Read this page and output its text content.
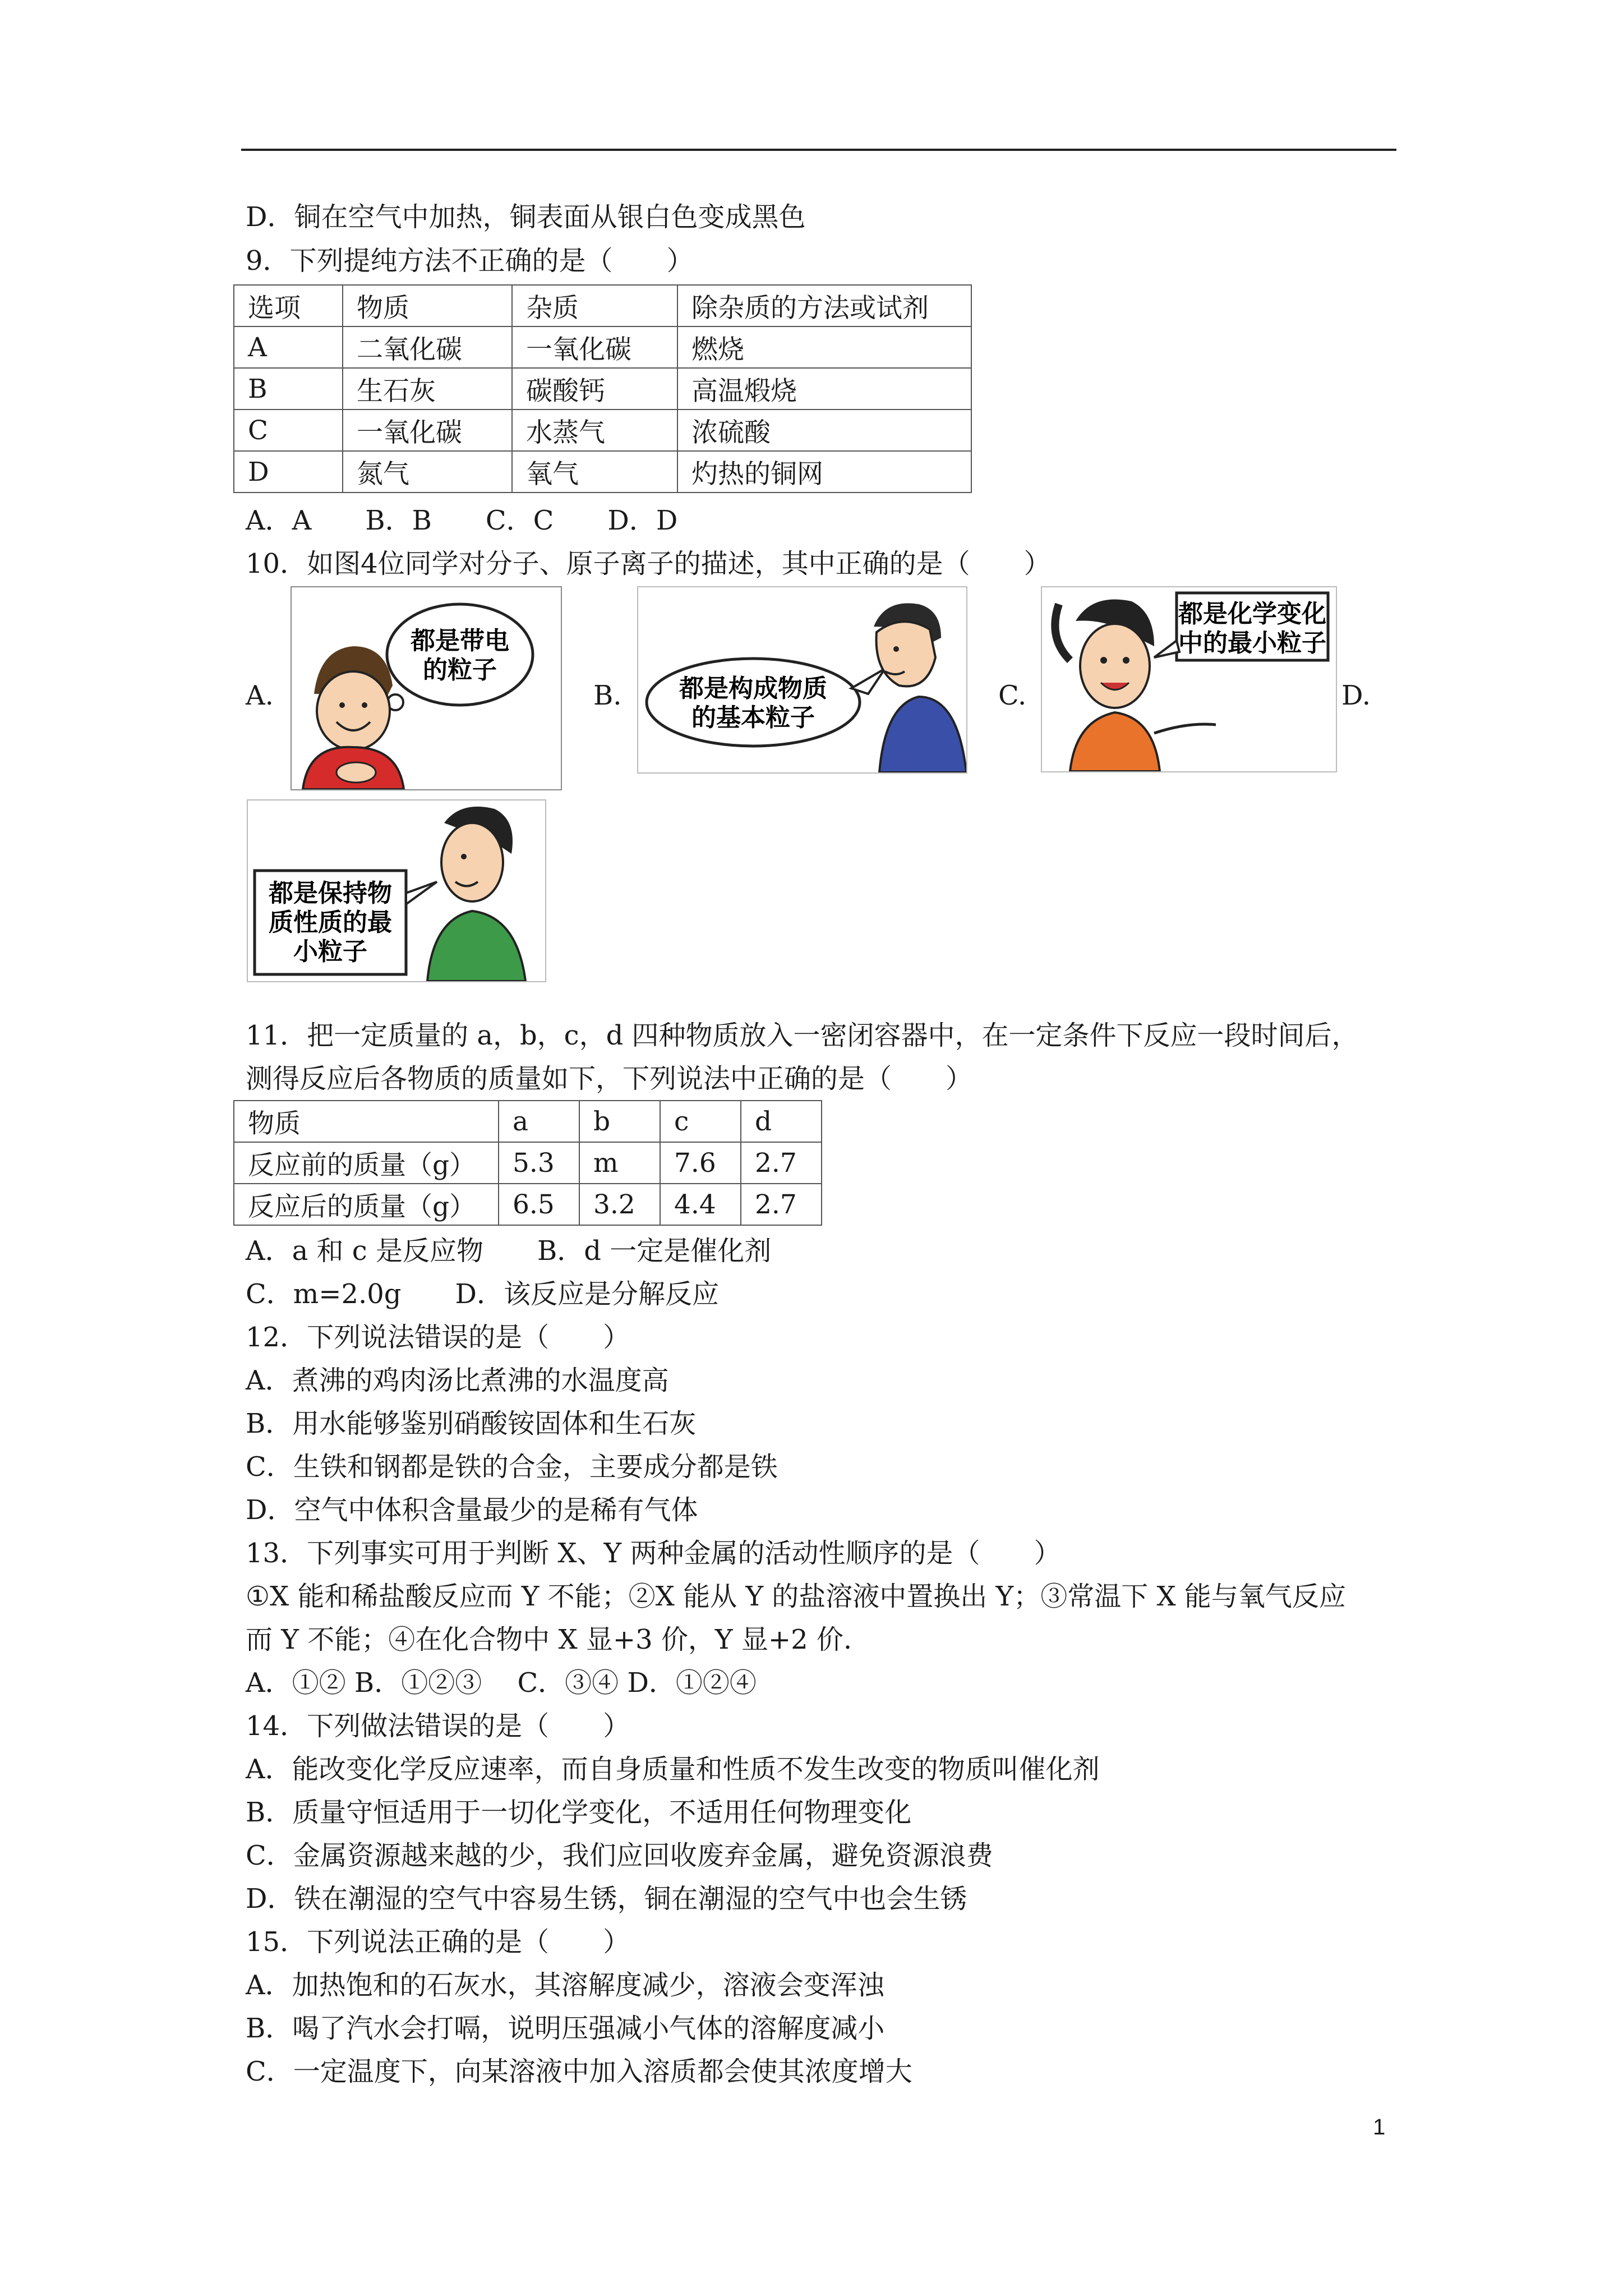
D．铜在空气中加热，铜表面从银白色变成黑色
9．下列提纯方法不正确的是（　　）
选项	物质	杂质	除杂质的方法或试剂
A	二氧化碳	一氧化碳	燃烧
B	生石灰	碳酸钙	高温煅烧
C	一氧化碳	水蒸气	浓硫酸
D	氮气	氧气	灼热的铜网
A．A　　B．B　　C．C　　D．D
10．如图4位同学对分子、原子离子的描述，其中正确的是（　　）
A.
都是带电
的粒子
B. 都是构成物质
的基本粒子
C.
都是化学变化
中的最小粒子
D.
都是保持物
质性质的最
小粒子
11．把一定质量的 a，b，c，d 四种物质放入一密闭容器中，在一定条件下反应一段时间后，
测得反应后各物质的质量如下，下列说法中正确的是（　　）
物质	a	b	c	d
反应前的质量（g）	5.3	m	7.6	2.7
反应后的质量（g）	6.5	3.2	4.4	2.7
A．a 和 c 是反应物　　B．d 一定是催化剂
C．m=2.0g　　D．该反应是分解反应
12．下列说法错误的是（　　）
A．煮沸的鸡肉汤比煮沸的水温度高
B．用水能够鉴别硝酸铵固体和生石灰
C．生铁和钢都是铁的合金，主要成分都是铁
D．空气中体积含量最少的是稀有气体
13．下列事实可用于判断 X、Y 两种金属的活动性顺序的是（　　）
①X 能和稀盐酸反应而 Y 不能；②X 能从 Y 的盐溶液中置换出 Y；③常温下 X 能与氧气反应
而 Y 不能；④在化合物中 X 显+3 价，Y 显+2 价.
A．①② B．①②③　 C．③④ D．①②④
14．下列做法错误的是（　　）
A．能改变化学反应速率，而自身质量和性质不发生改变的物质叫催化剂
B．质量守恒适用于一切化学变化，不适用任何物理变化
C．金属资源越来越的少，我们应回收废弃金属，避免资源浪费
D．铁在潮湿的空气中容易生锈，铜在潮湿的空气中也会生锈
15．下列说法正确的是（　　）
A．加热饱和的石灰水，其溶解度减少，溶液会变浑浊
B．喝了汽水会打嗝，说明压强减小气体的溶解度减小
C．一定温度下，向某溶液中加入溶质都会使其浓度增大
1
